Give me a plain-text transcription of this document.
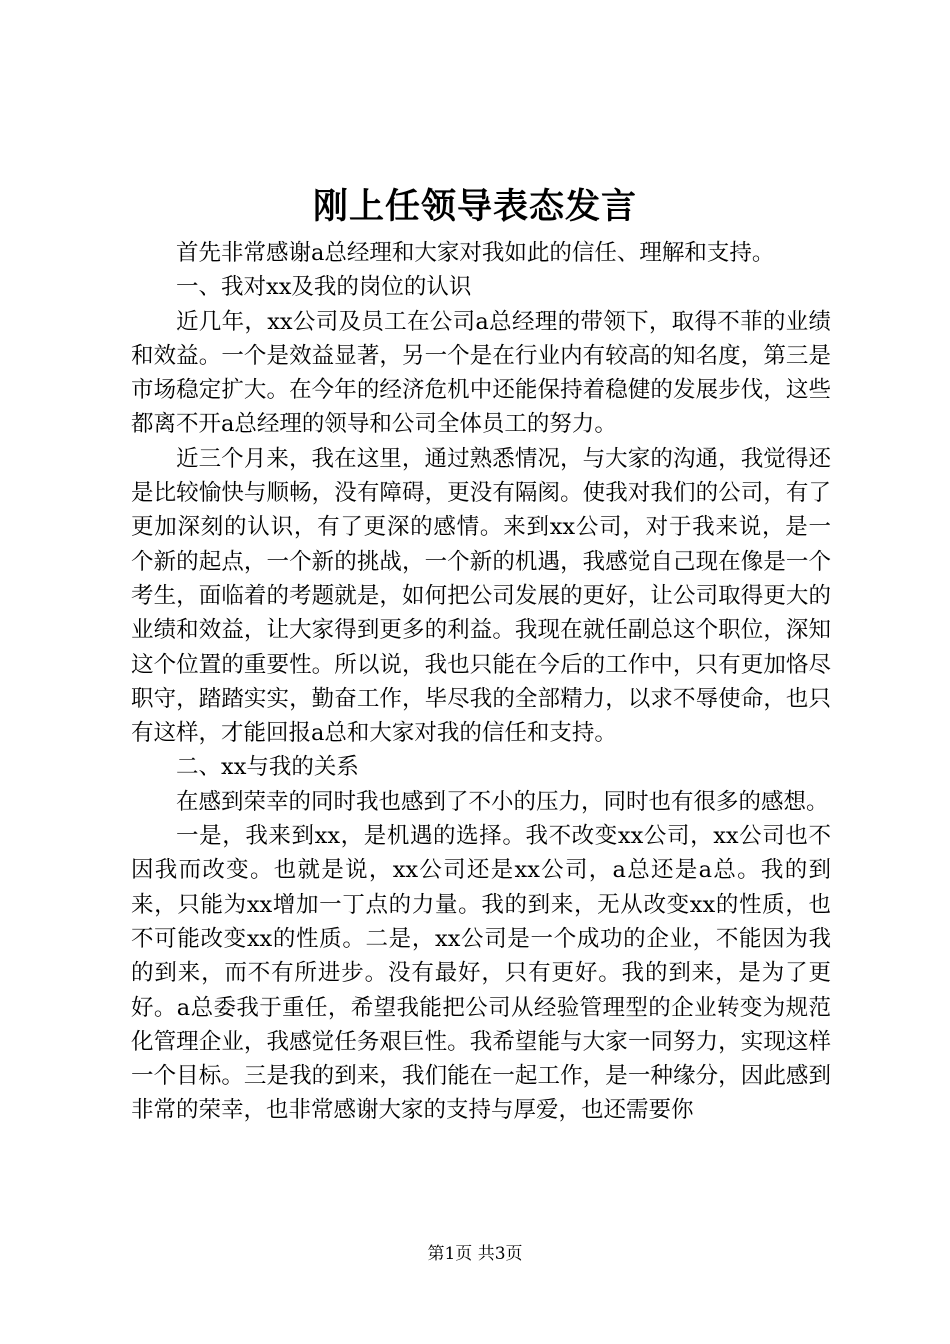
刚上任领导表态发言

首先非常感谢a总经理和大家对我如此的信任、理解和支持。

一、我对xx及我的岗位的认识

近几年，xx公司及员工在公司a总经理的带领下，取得不菲的业绩和效益。一个是效益显著，另一个是在行业内有较高的知名度，第三是市场稳定扩大。在今年的经济危机中还能保持着稳健的发展步伐，这些都离不开a总经理的领导和公司全体员工的努力。

近三个月来，我在这里，通过熟悉情况，与大家的沟通，我觉得还是比较愉快与顺畅，没有障碍，更没有隔阂。使我对我们的公司，有了更加深刻的认识，有了更深的感情。来到xx公司，对于我来说，是一个新的起点，一个新的挑战，一个新的机遇，我感觉自己现在像是一个考生，面临着的考题就是，如何把公司发展的更好，让公司取得更大的业绩和效益，让大家得到更多的利益。我现在就任副总这个职位，深知这个位置的重要性。所以说，我也只能在今后的工作中，只有更加恪尽职守，踏踏实实，勤奋工作，毕尽我的全部精力，以求不辱使命，也只有这样，才能回报a总和大家对我的信任和支持。

二、xx与我的关系

在感到荣幸的同时我也感到了不小的压力，同时也有很多的感想。

一是，我来到xx，是机遇的选择。我不改变xx公司，xx公司也不因我而改变。也就是说，xx公司还是xx公司，a总还是a总。我的到来，只能为xx增加一丁点的力量。我的到来，无从改变xx的性质，也不可能改变xx的性质。二是，xx公司是一个成功的企业，不能因为我的到来，而不有所进步。没有最好，只有更好。我的到来，是为了更好。a总委我于重任，希望我能把公司从经验管理型的企业转变为规范化管理企业，我感觉任务艰巨性。我希望能与大家一同努力，实现这样一个目标。三是我的到来，我们能在一起工作，是一种缘分，因此感到非常的荣幸，也非常感谢大家的支持与厚爱，也还需要你

第1页 共3页
